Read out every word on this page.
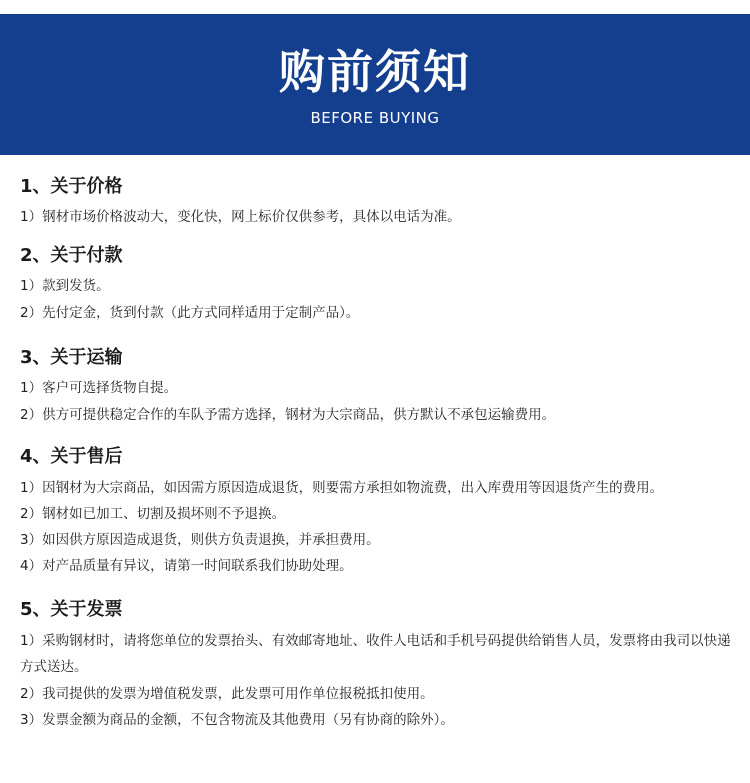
购前须知
BEFORE BUYING
1、关于价格
1）钢材市场价格波动大，变化快，网上标价仅供参考，具体以电话为准。
2、关于付款
1）款到发货。
2）先付定金，货到付款（此方式同样适用于定制产品）。
3、关于运输
1）客户可选择货物自提。
2）供方可提供稳定合作的车队予需方选择，钢材为大宗商品，供方默认不承包运输费用。
4、关于售后
1）因钢材为大宗商品，如因需方原因造成退货，则要需方承担如物流费，出入库费用等因退货产生的费用。
2）钢材如已加工、切割及损坏则不予退换。
3）如因供方原因造成退货，则供方负责退换，并承担费用。
4）对产品质量有异议，请第一时间联系我们协助处理。
5、关于发票
1）采购钢材时，请将您单位的发票抬头、有效邮寄地址、收件人电话和手机号码提供给销售人员，发票将由我司以快递方式送达。
2）我司提供的发票为增值税发票，此发票可用作单位报税抵扣使用。
3）发票金额为商品的金额，不包含物流及其他费用（另有协商的除外）。
